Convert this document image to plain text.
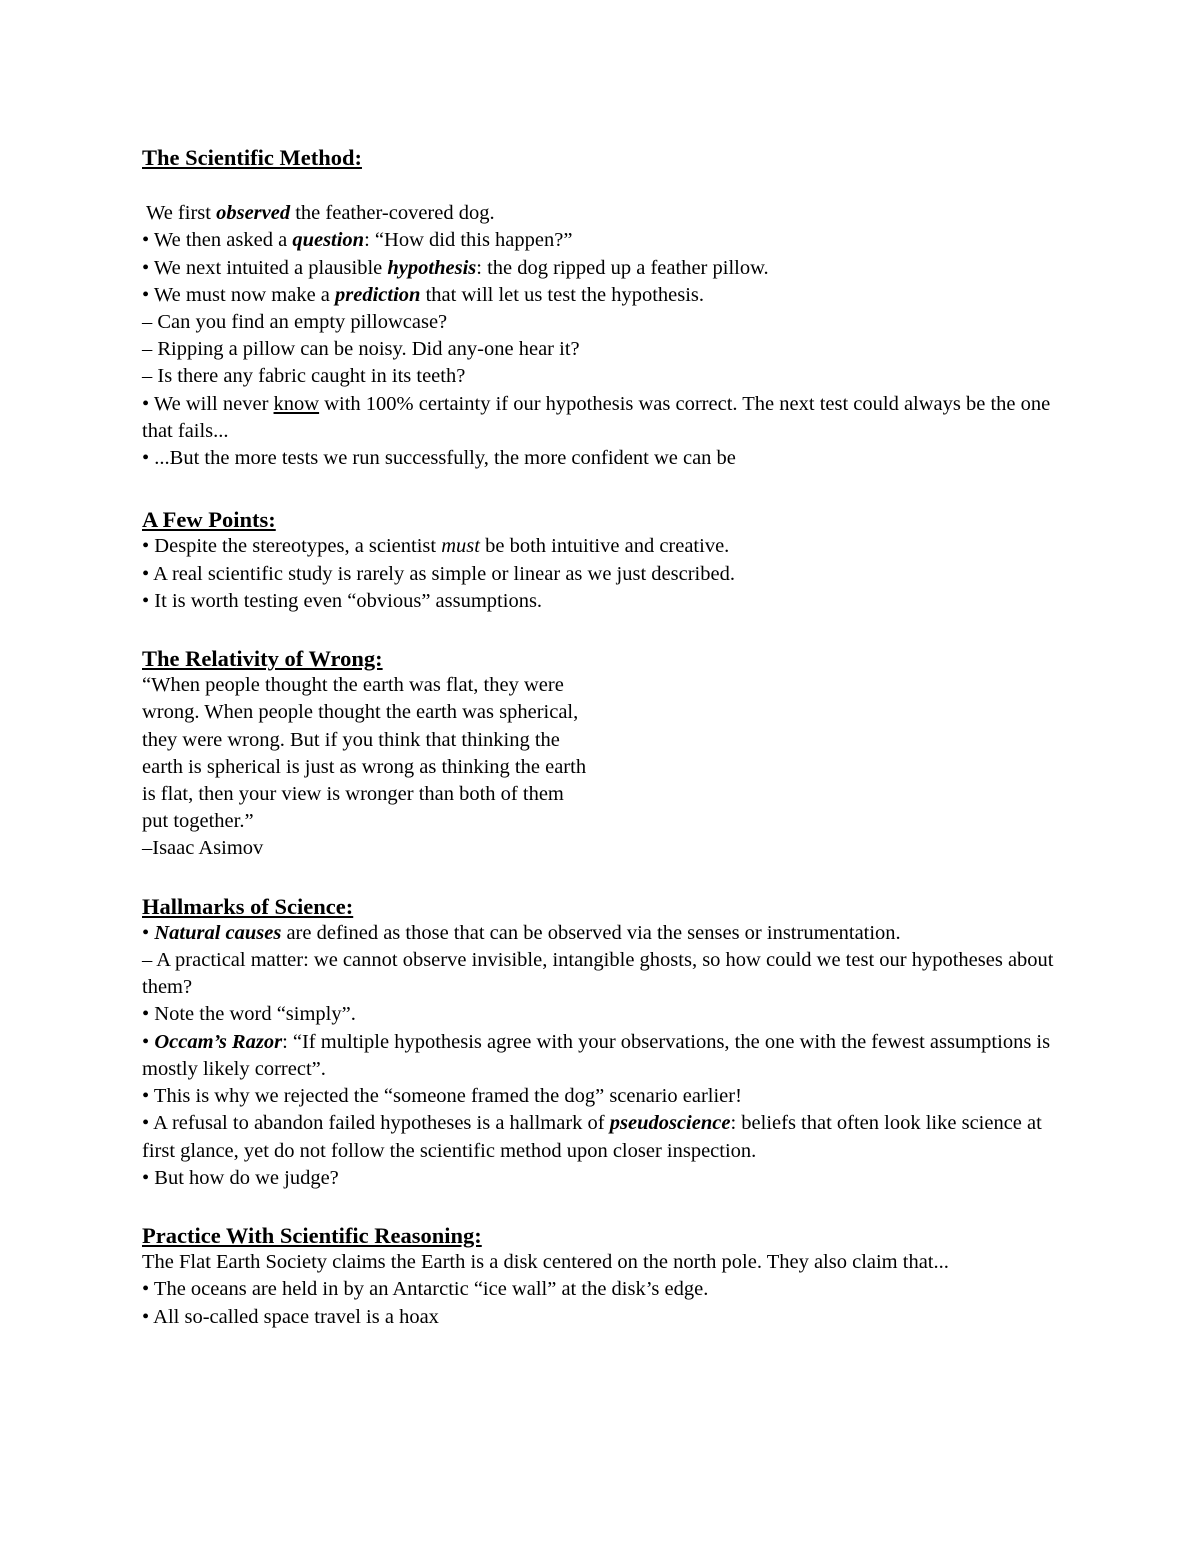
The Scientific Method:

We first observed the feather-covered dog.

• We then asked a question: “How did this happen?”

• We next intuited a plausible hypothesis: the dog ripped up a feather pillow.

• We must now make a prediction that will let us test the hypothesis.

– Can you find an empty pillowcase?

– Ripping a pillow can be noisy. Did any-one hear it?

– Is there any fabric caught in its teeth?

• We will never know with 100% certainty if our hypothesis was correct. The next test could always be the one that fails...

• ...But the more tests we run successfully, the more confident we can be

A Few Points:

• Despite the stereotypes, a scientist must be both intuitive and creative.

• A real scientific study is rarely as simple or linear as we just described.

• It is worth testing even “obvious” assumptions.

The Relativity of Wrong:

“When people thought the earth was flat, they were

wrong. When people thought the earth was spherical,

they were wrong. But if you think that thinking the

earth is spherical is just as wrong as thinking the earth

is flat, then your view is wronger than both of them

put together.”

–Isaac Asimov

Hallmarks of Science:

• Natural causes are defined as those that can be observed via the senses or instrumentation.

– A practical matter: we cannot observe invisible, intangible ghosts, so how could we test our hypotheses about them?

• Note the word “simply”.

• Occam’s Razor: “If multiple hypothesis agree with your observations, the one with the fewest assumptions is mostly likely correct”.

• This is why we rejected the “someone framed the dog” scenario earlier!

• A refusal to abandon failed hypotheses is a hallmark of pseudoscience: beliefs that often look like science at first glance, yet do not follow the scientific method upon closer inspection.

• But how do we judge?

Practice With Scientific Reasoning:

The Flat Earth Society claims the Earth is a disk centered on the north pole. They also claim that...

• The oceans are held in by an Antarctic “ice wall” at the disk’s edge.

• All so-called space travel is a hoax
